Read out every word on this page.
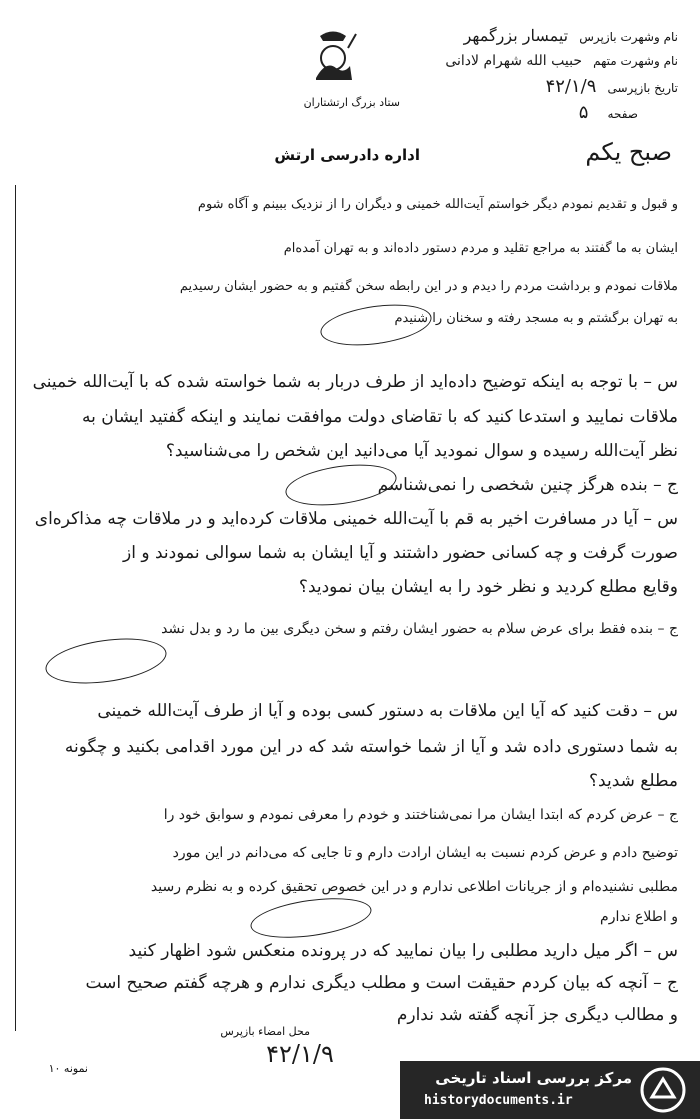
ستاد بزرگ ارتشتاران
نام وشهرت بازپرس تیمسار بزرگمهر
نام وشهرت متهم حبیب الله شهرام لادانی
تاریخ بازپرسی ۴۲/۱/۹
صفحه ۵
اداره دادرسی ارتش	صبح یکم
و قبول و تقدیم نمودم دیگر خواستم آیت‌الله خمینی و دیگران را از نزدیک ببینم و آگاه شوم
ایشان به ما گفتند به مراجع تقلید و مردم دستور داده‌اند و به تهران آمده‌ام
ملاقات نمودم و برداشت مردم را دیدم و در این رابطه سخن گفتیم و به حضور ایشان رسیدیم
به تهران برگشتم و به مسجد رفته و سخنان را شنیدم
س – با توجه به اینکه توضیح داده‌اید از طرف دربار به شما خواسته شده که با آیت‌الله خمینی
ملاقات نمایید و استدعا کنید که با تقاضای دولت موافقت نمایند و اینکه گفتید ایشان به
نظر آیت‌الله رسیده و سوال نمودید آیا می‌دانید این شخص را می‌شناسید؟
ج – بنده هرگز چنین شخصی را نمی‌شناسم
س – آیا در مسافرت اخیر به قم با آیت‌الله خمینی ملاقات کرده‌اید و در ملاقات چه مذاکره‌ای
صورت گرفت و چه کسانی حضور داشتند و آیا ایشان به شما سوالی نمودند و از
وقایع مطلع کردید و نظر خود را به ایشان بیان نمودید؟
ج – بنده فقط برای عرض سلام به حضور ایشان رفتم و سخن دیگری بین ما رد و بدل نشد
س – دقت کنید که آیا این ملاقات به دستور کسی بوده و آیا از طرف آیت‌الله خمینی
به شما دستوری داده شد و آیا از شما خواسته شد که در این مورد اقدامی بکنید و چگونه
مطلع شدید؟
ج – عرض کردم که ابتدا ایشان مرا نمی‌شناختند و خودم را معرفی نمودم و سوابق خود را
توضیح دادم و عرض کردم نسبت به ایشان ارادت دارم و تا جایی که می‌دانم در این مورد
مطلبی نشنیده‌ام و از جریانات اطلاعی ندارم و در این خصوص تحقیق کرده و به نظرم رسید
و اطلاع ندارم
س – اگر میل دارید مطلبی را بیان نمایید که در پرونده منعکس شود اظهار کنید
ج – آنچه که بیان کردم حقیقت است و مطلب دیگری ندارم و هرچه گفتم صحیح است
و مطالب دیگری جز آنچه گفته شد ندارم
محل امضاء بازپرس
۴۲/۱/۹
نمونه ۱۰
مرکز بررسی اسناد تاریخی
historydocuments.ir
